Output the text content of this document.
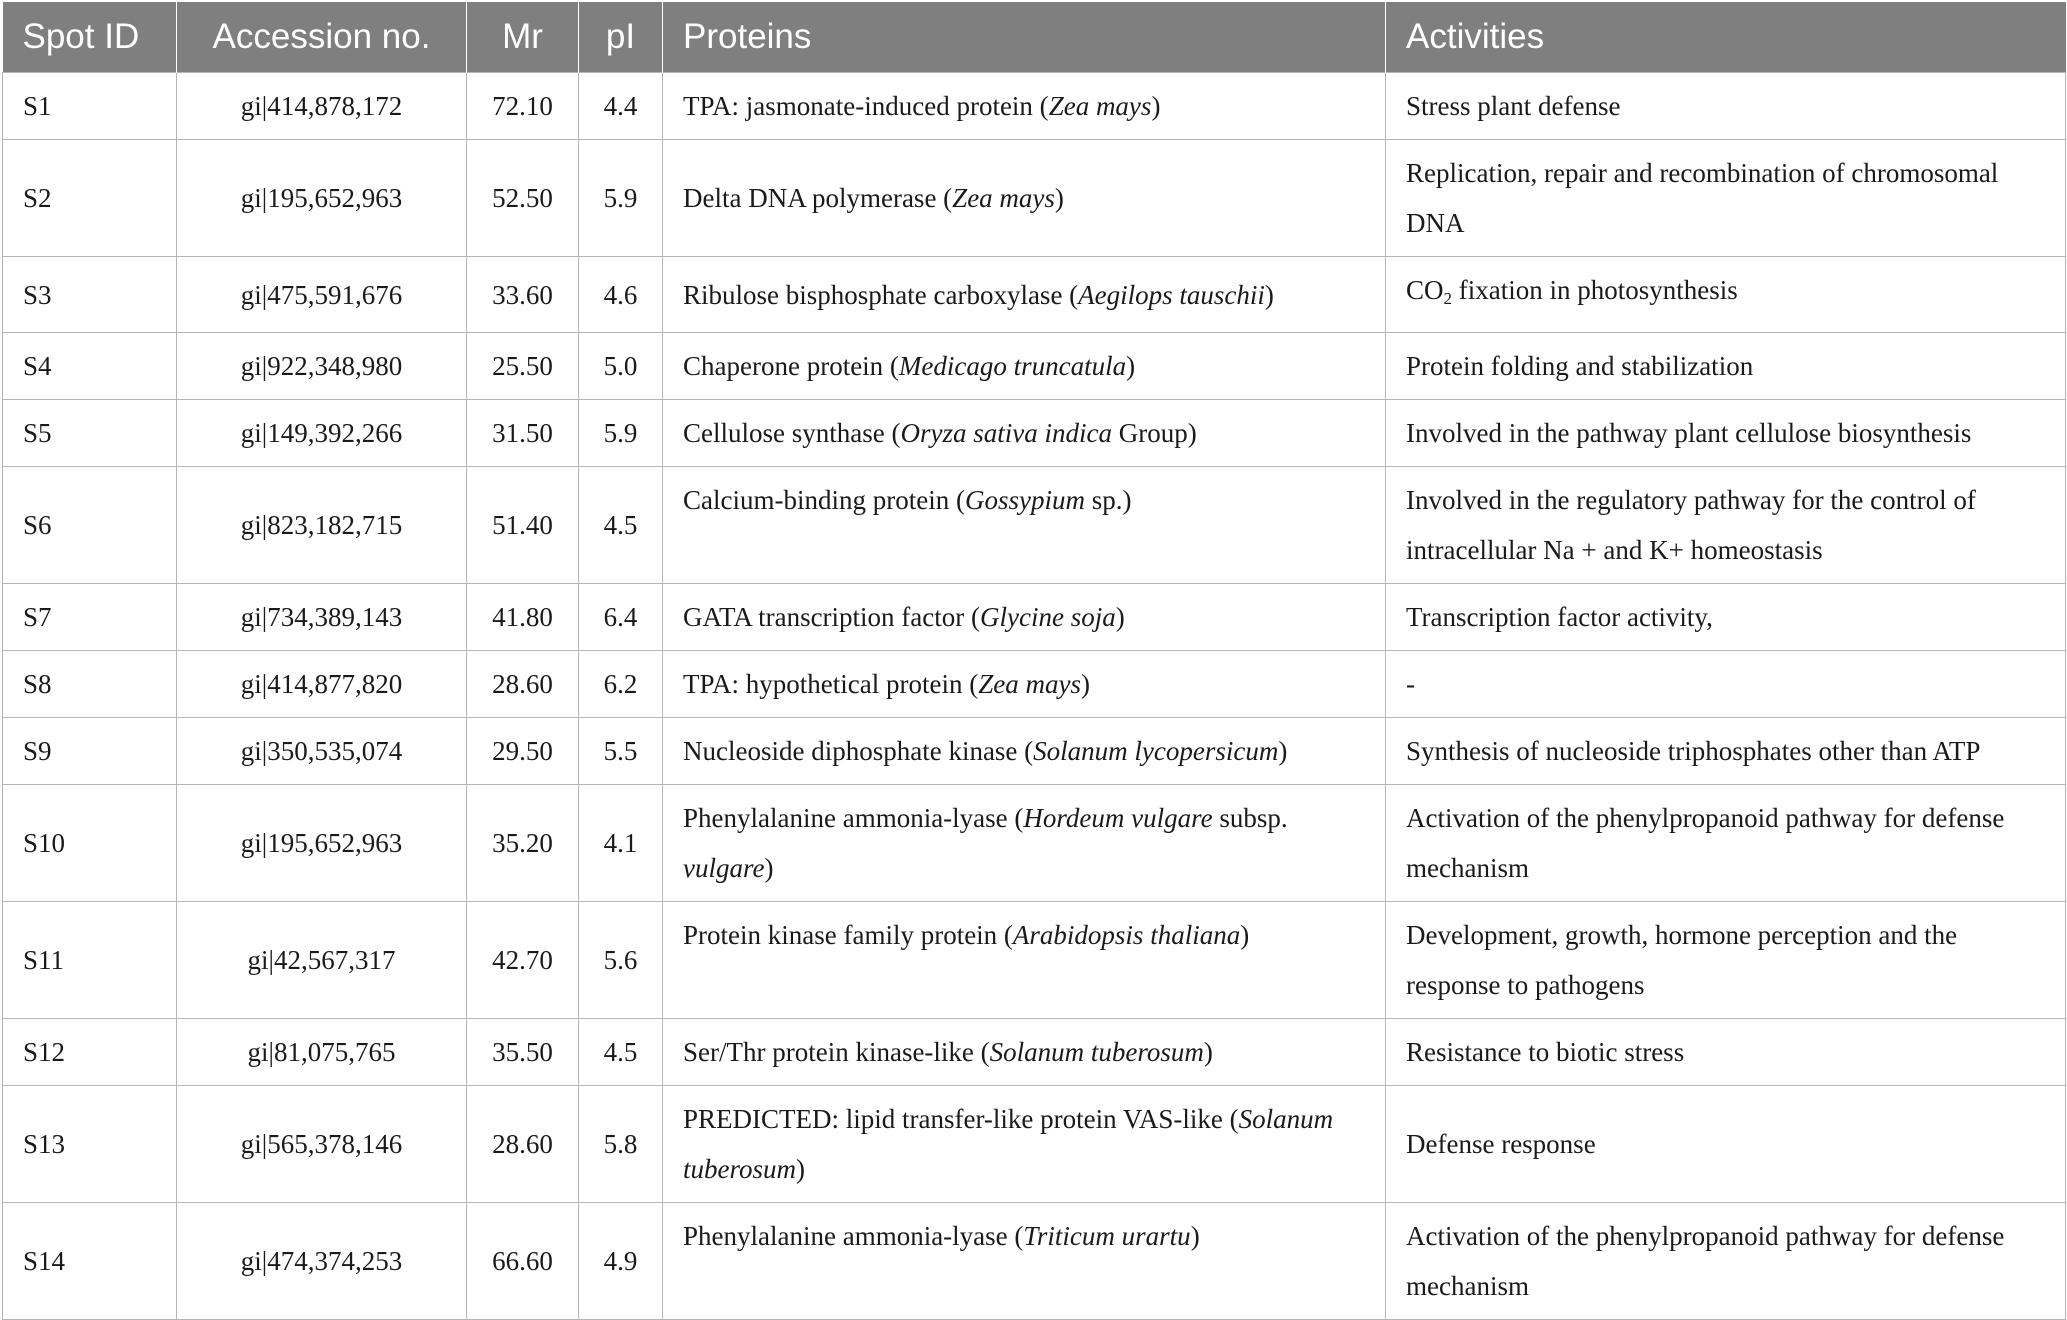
Spot ID	Accession no.	Mr	pI	Proteins	Activities
S1	gi|414,878,172	72.10	4.4	TPA: jasmonate-induced protein (Zea mays)	Stress plant defense
S2	gi|195,652,963	52.50	5.9	Delta DNA polymerase (Zea mays)	Replication, repair and recombination of chromosomal DNA
S3	gi|475,591,676	33.60	4.6	Ribulose bisphosphate carboxylase (Aegilops tauschii)	$CO_2$ fixation in photosynthesis
S4	gi|922,348,980	25.50	5.0	Chaperone protein (Medicago truncatula)	Protein folding and stabilization
S5	gi|149,392,266	31.50	5.9	Cellulose synthase (Oryza sativa indica Group)	Involved in the pathway plant cellulose biosynthesis
S6	gi|823,182,715	51.40	4.5	Calcium-binding protein (Gossypium sp.)	Involved in the regulatory pathway for the control of intracellular Na + and K+ homeostasis
S7	gi|734,389,143	41.80	6.4	GATA transcription factor (Glycine soja)	Transcription factor activity,
S8	gi|414,877,820	28.60	6.2	TPA: hypothetical protein (Zea mays)	-
S9	gi|350,535,074	29.50	5.5	Nucleoside diphosphate kinase (Solanum lycopersicum)	Synthesis of nucleoside triphosphates other than ATP
S10	gi|195,652,963	35.20	4.1	Phenylalanine ammonia-lyase (Hordeum vulgare subsp. vulgare)	Activation of the phenylpropanoid pathway for defense mechanism
S11	gi|42,567,317	42.70	5.6	Protein kinase family protein (Arabidopsis thaliana)	Development, growth, hormone perception and the response to pathogens
S12	gi|81,075,765	35.50	4.5	Ser/Thr protein kinase-like (Solanum tuberosum)	Resistance to biotic stress
S13	gi|565,378,146	28.60	5.8	PREDICTED: lipid transfer-like protein VAS-like (Solanum tuberosum)	Defense response
S14	gi|474,374,253	66.60	4.9	Phenylalanine ammonia-lyase (Triticum urartu)	Activation of the phenylpropanoid pathway for defense mechanism
